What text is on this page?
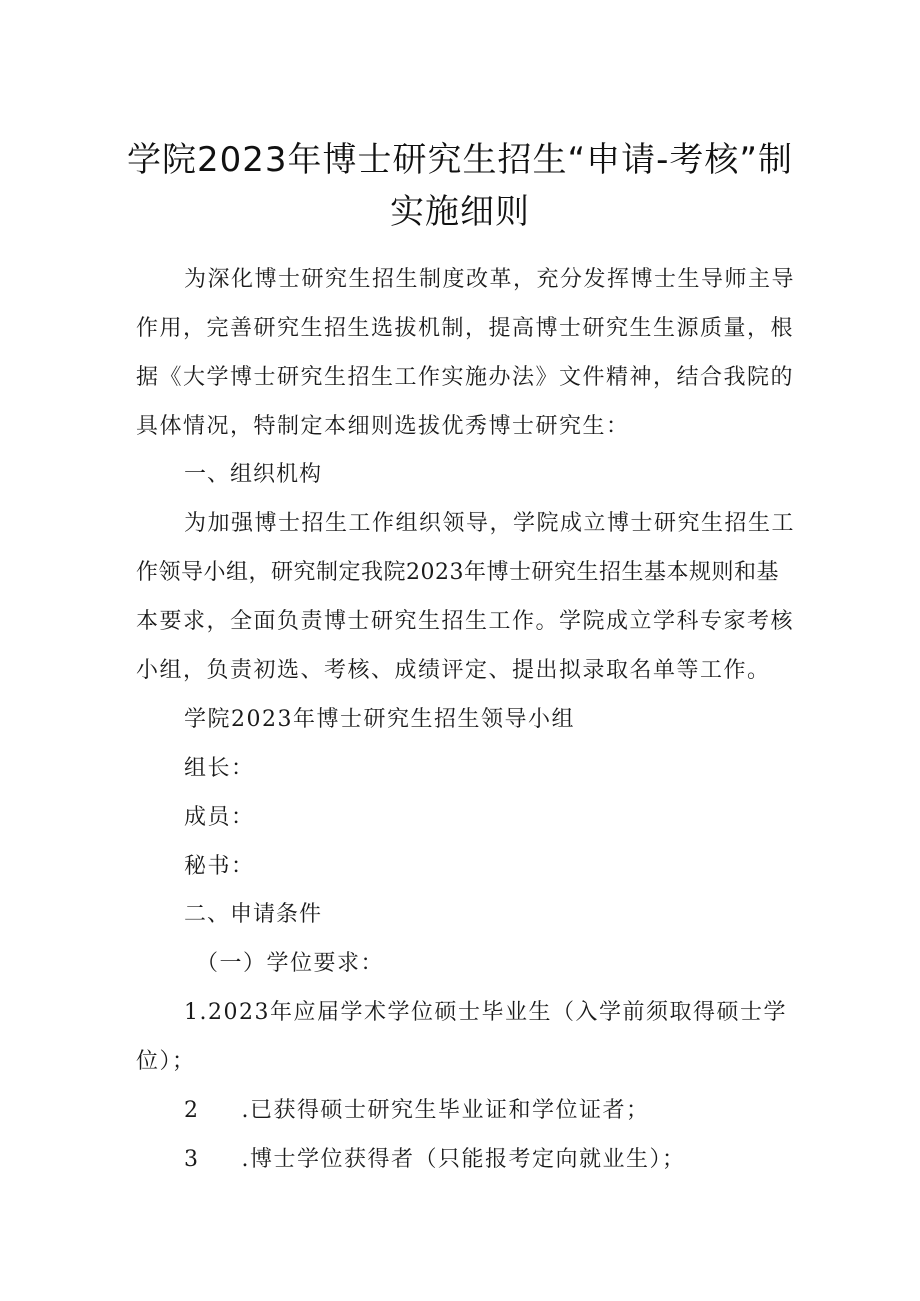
学院2023年博士研究生招生“申请-考核”制
实施细则
为深化博士研究生招生制度改革，充分发挥博士生导师主导
作用，完善研究生招生选拔机制，提高博士研究生生源质量，根
据《大学博士研究生招生工作实施办法》文件精神，结合我院的
具体情况，特制定本细则选拔优秀博士研究生：
一、组织机构
为加强博士招生工作组织领导，学院成立博士研究生招生工
作领导小组，研究制定我院2023年博士研究生招生基本规则和基
本要求，全面负责博士研究生招生工作。学院成立学科专家考核
小组，负责初选、考核、成绩评定、提出拟录取名单等工作。
学院2023年博士研究生招生领导小组
组长：
成员：
秘书：
二、申请条件
（一）学位要求：
1.2023年应届学术学位硕士毕业生（入学前须取得硕士学
位）；
2 .已获得硕士研究生毕业证和学位证者；
3 .博士学位获得者（只能报考定向就业生）；
